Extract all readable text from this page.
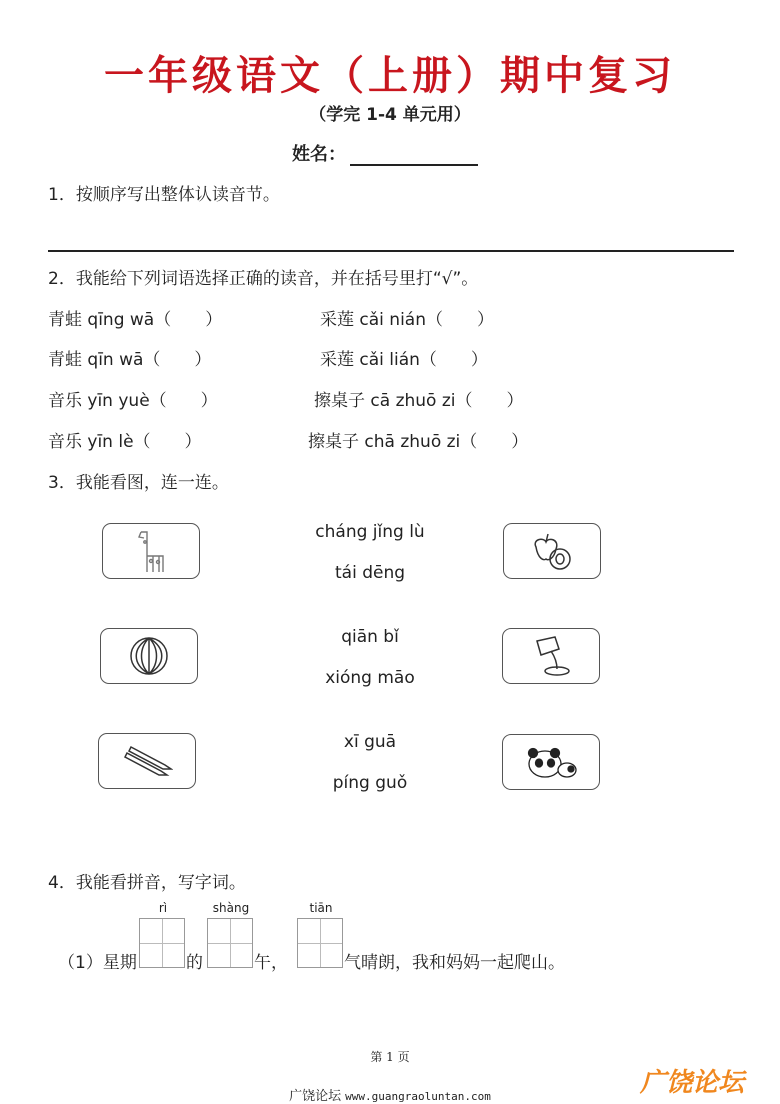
一年级语文（上册）期中复习
（学完 1-4 单元用）
姓名：
1．按顺序写出整体认读音节。
2．我能给下列词语选择正确的读音，并在括号里打“√”。
青蛙 qīng wā（　　）	采莲 cǎi nián（　　）
青蛙 qīn wā（　　）	采莲 cǎi lián（　　）
音乐 yīn yuè（　　）	擦桌子 cā zhuō zi（　　）
音乐 yīn lè（　　）	擦桌子 chā zhuō zi（　　）
3．我能看图，连一连。
cháng jǐng lù
tái dēng
qiān bǐ
xióng māo
xī guā
píng guǒ
4．我能看拼音，写字词。
rì	shàng	tiān
（1）星期	的	午，	气晴朗，我和妈妈一起爬山。
第 1 页
广饶论坛 www.guangraoluntan.com	广饶论坛
